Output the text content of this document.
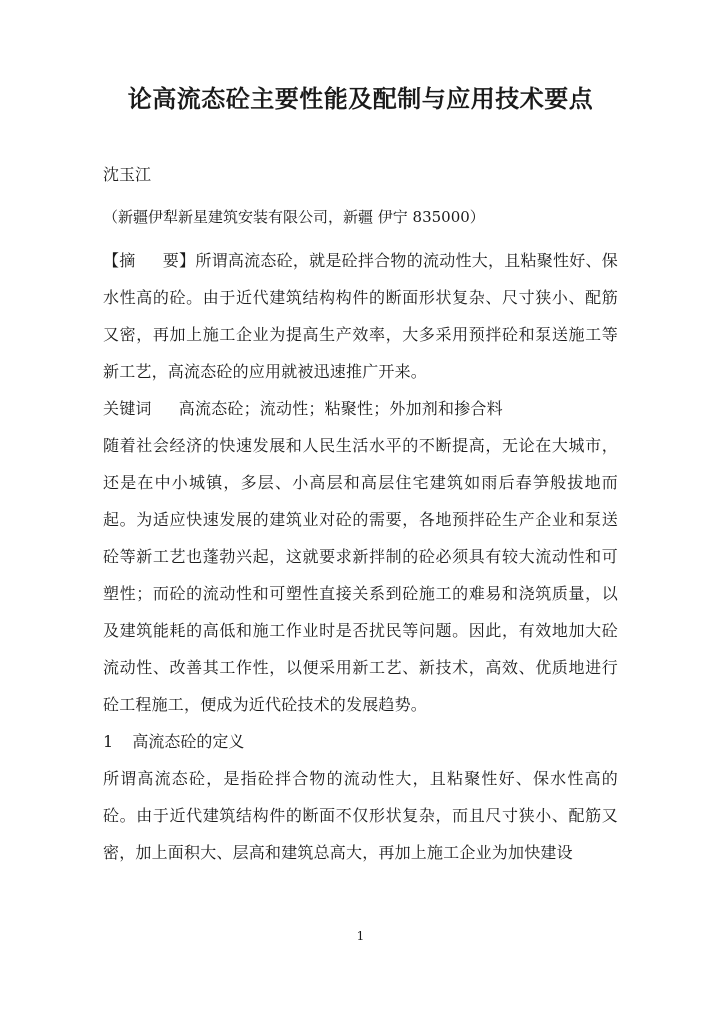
论高流态砼主要性能及配制与应用技术要点

沈玉江

（新疆伊犁新星建筑安装有限公司，新疆 伊宁 835000）

【摘 要】所谓高流态砼，就是砼拌合物的流动性大，且粘聚性好、保水性高的砼。由于近代建筑结构构件的断面形状复杂、尺寸狭小、配筋又密，再加上施工企业为提高生产效率，大多采用预拌砼和泵送施工等新工艺，高流态砼的应用就被迅速推广开来。

关键词 高流态砼；流动性；粘聚性；外加剂和掺合料

随着社会经济的快速发展和人民生活水平的不断提高，无论在大城市，还是在中小城镇，多层、小高层和高层住宅建筑如雨后春笋般拔地而起。为适应快速发展的建筑业对砼的需要，各地预拌砼生产企业和泵送砼等新工艺也蓬勃兴起，这就要求新拌制的砼必须具有较大流动性和可塑性；而砼的流动性和可塑性直接关系到砼施工的难易和浇筑质量，以及建筑能耗的高低和施工作业时是否扰民等问题。因此，有效地加大砼流动性、改善其工作性，以便采用新工艺、新技术，高效、优质地进行砼工程施工，便成为近代砼技术的发展趋势。

1 高流态砼的定义

所谓高流态砼，是指砼拌合物的流动性大，且粘聚性好、保水性高的砼。由于近代建筑结构件的断面不仅形状复杂，而且尺寸狭小、配筋又密，加上面积大、层高和建筑总高大，再加上施工企业为加快建设

1
